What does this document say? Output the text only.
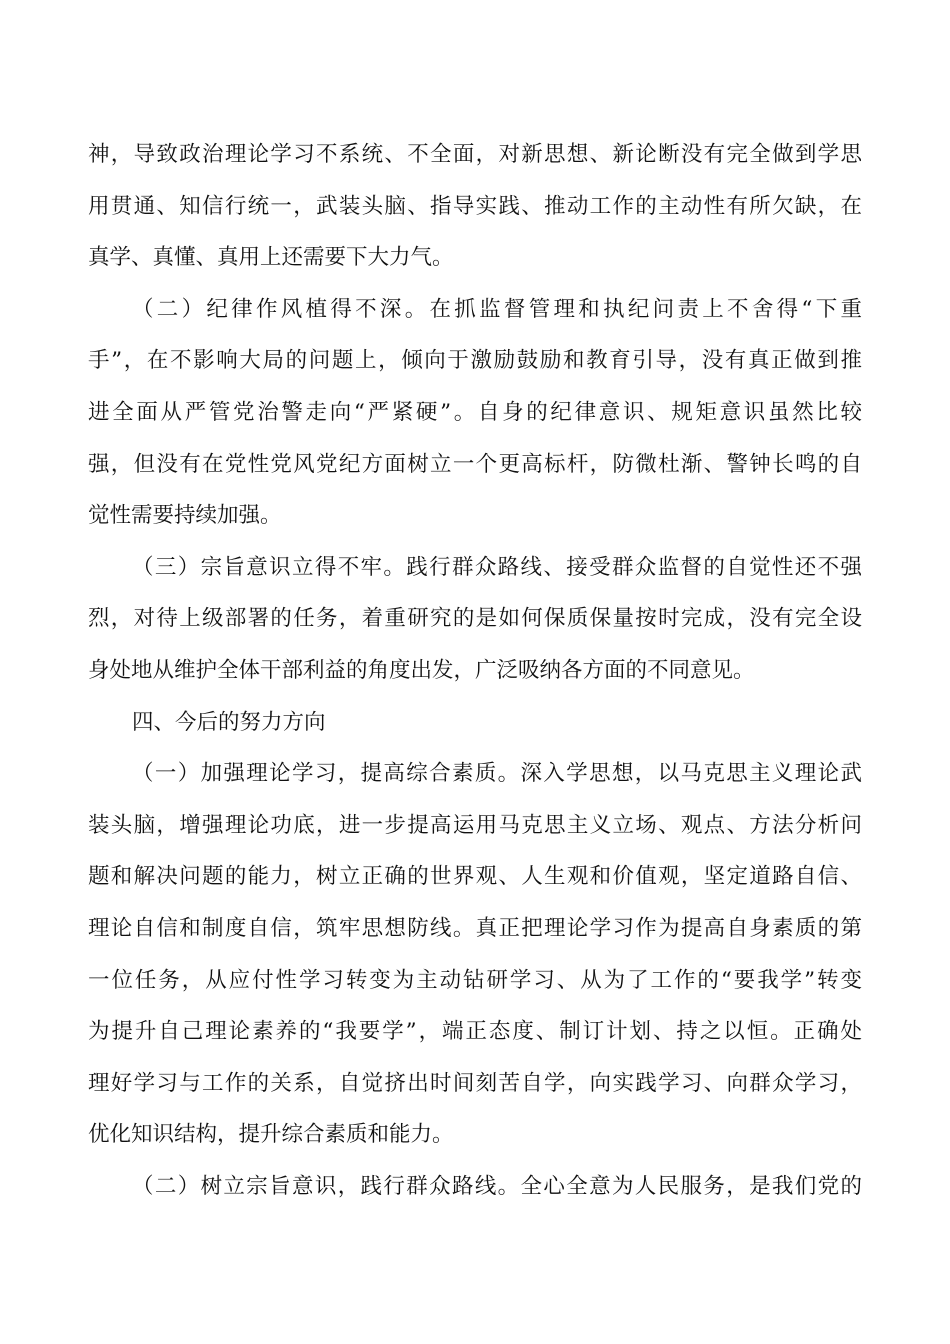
神，导致政治理论学习不系统、不全面，对新思想、新论断没有完全做到学思
用贯通、知信行统一，武装头脑、指导实践、推动工作的主动性有所欠缺，在
真学、真懂、真用上还需要下大力气。
（二）纪律作风植得不深。在抓监督管理和执纪问责上不舍得“下重
手”，在不影响大局的问题上，倾向于激励鼓励和教育引导，没有真正做到推
进全面从严管党治警走向“严紧硬”。自身的纪律意识、规矩意识虽然比较
强，但没有在党性党风党纪方面树立一个更高标杆，防微杜渐、警钟长鸣的自
觉性需要持续加强。
（三）宗旨意识立得不牢。践行群众路线、接受群众监督的自觉性还不强
烈，对待上级部署的任务，着重研究的是如何保质保量按时完成，没有完全设
身处地从维护全体干部利益的角度出发，广泛吸纳各方面的不同意见。
四、今后的努力方向
（一）加强理论学习，提高综合素质。深入学思想，以马克思主义理论武
装头脑，增强理论功底，进一步提高运用马克思主义立场、观点、方法分析问
题和解决问题的能力，树立正确的世界观、人生观和价值观，坚定道路自信、
理论自信和制度自信，筑牢思想防线。真正把理论学习作为提高自身素质的第
一位任务，从应付性学习转变为主动钻研学习、从为了工作的“要我学”转变
为提升自己理论素养的“我要学”，端正态度、制订计划、持之以恒。正确处
理好学习与工作的关系，自觉挤出时间刻苦自学，向实践学习、向群众学习，
优化知识结构，提升综合素质和能力。
（二）树立宗旨意识，践行群众路线。全心全意为人民服务，是我们党的
